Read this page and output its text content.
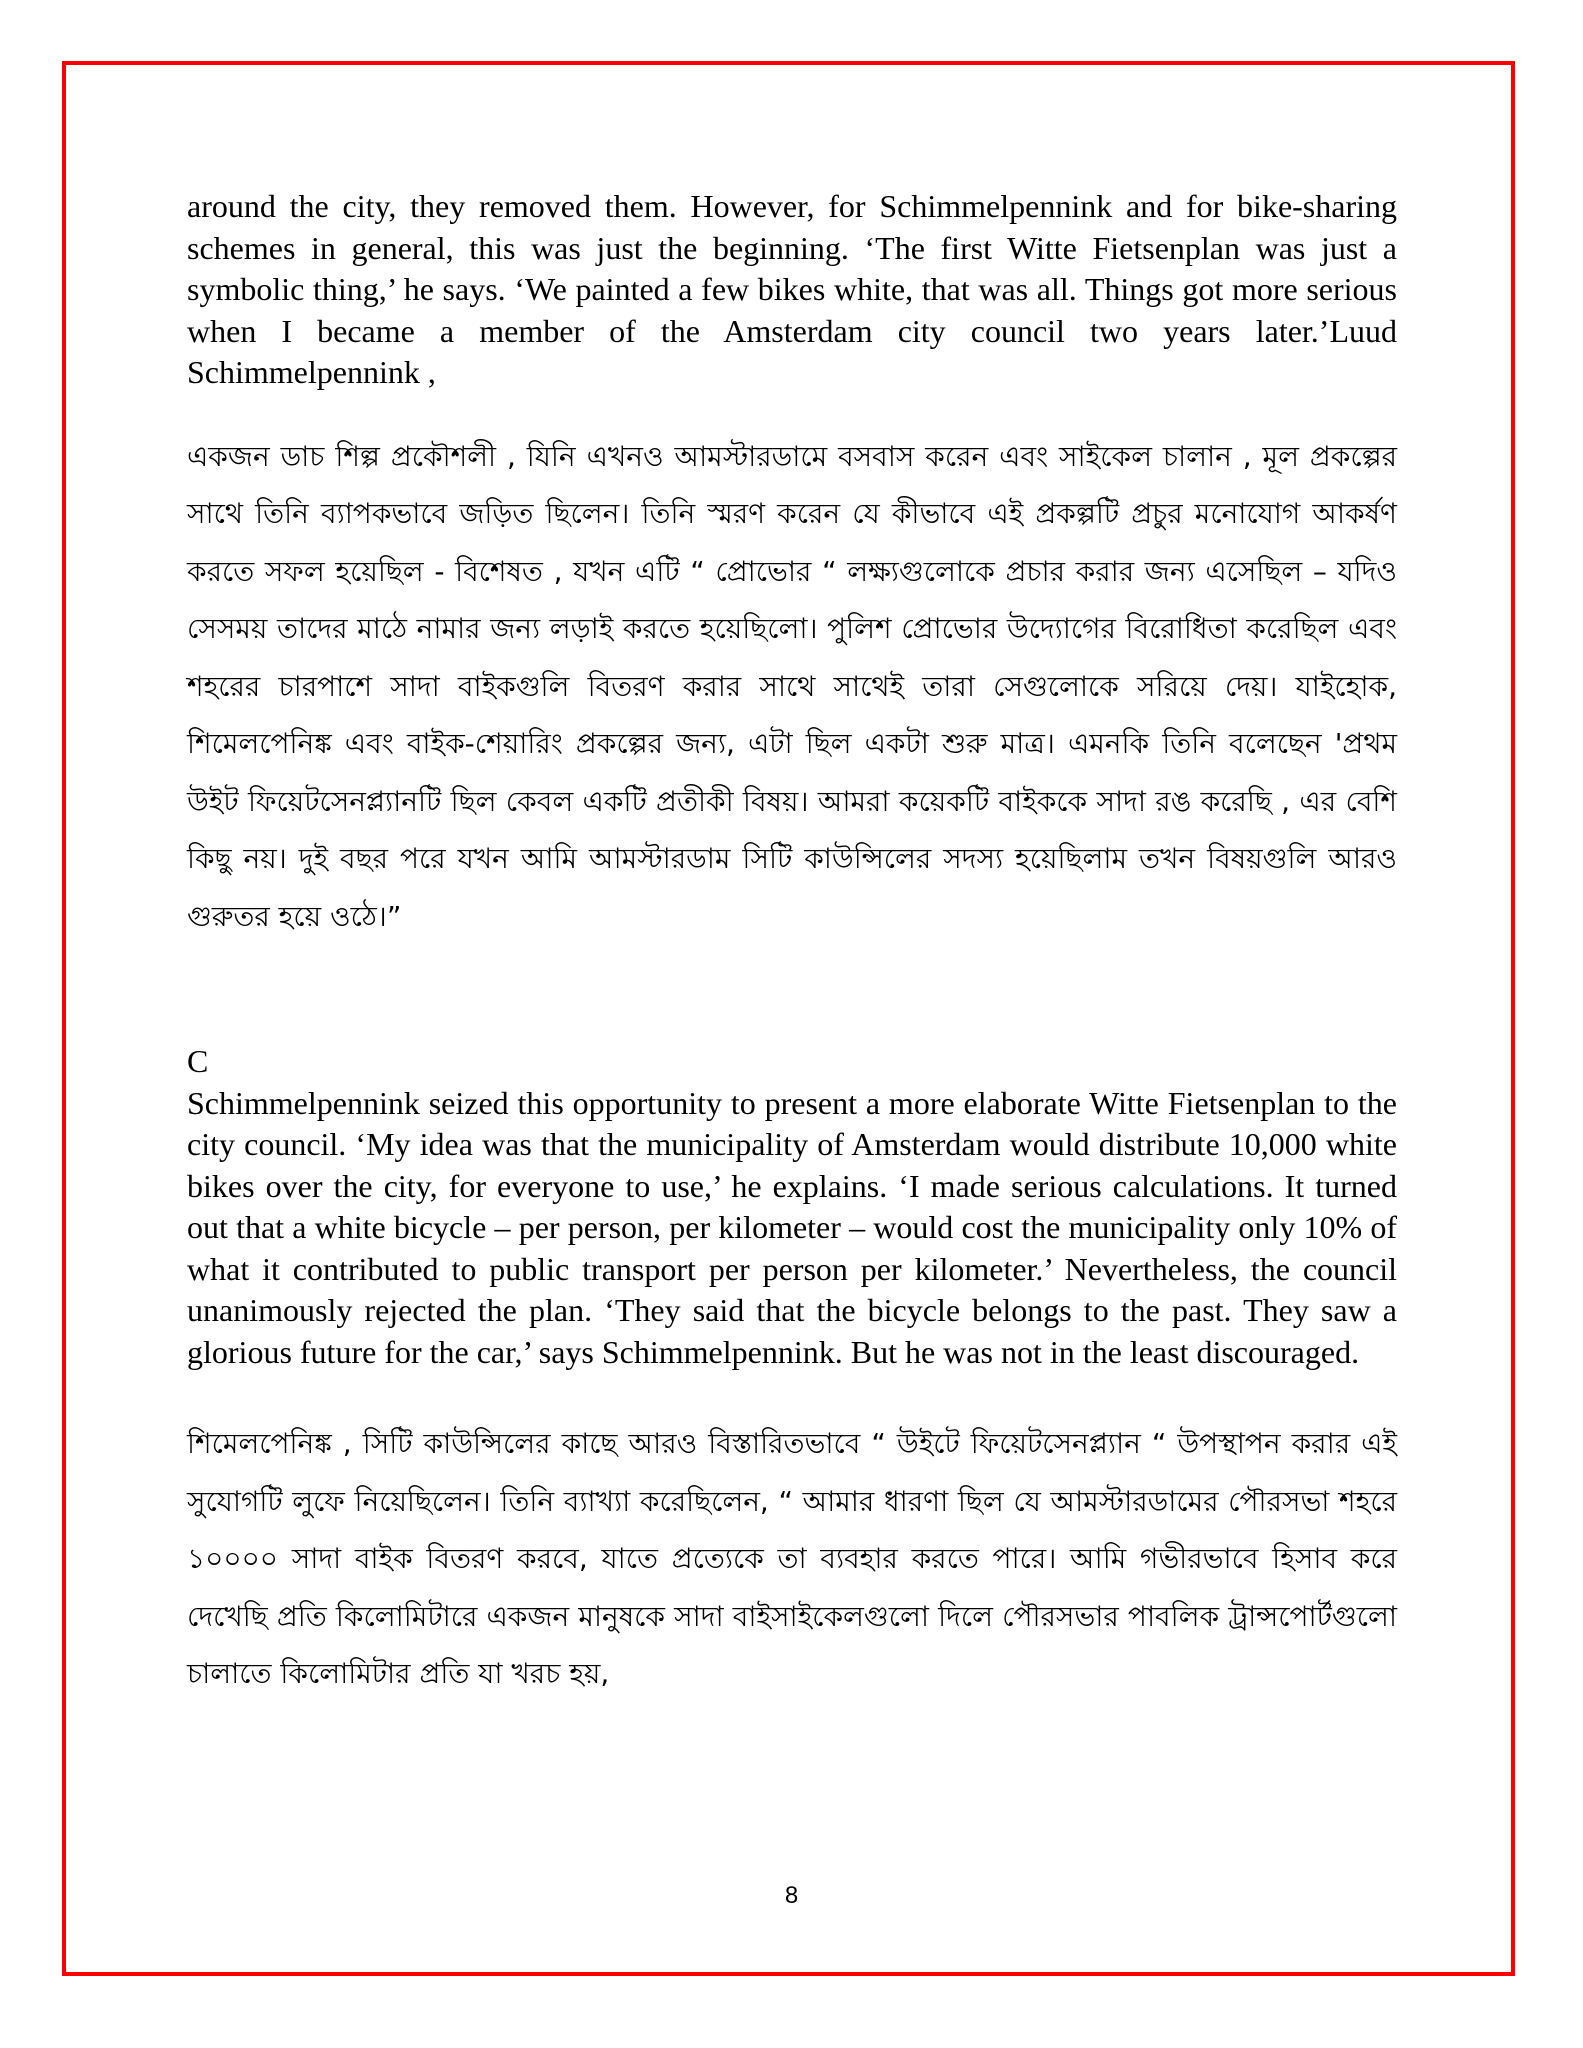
around the city, they removed them. However, for Schimmelpennink and for bike-sharing schemes in general, this was just the beginning. ‘The first Witte Fietsenplan was just a symbolic thing,’ he says. ‘We painted a few bikes white, that was all. Things got more serious when I became a member of the Amsterdam city council two years later.’Luud Schimmelpennink ,

একজন ডাচ শিল্প প্রকৌশলী , যিনি এখনও আমস্টারডামে বসবাস করেন এবং সাইকেল চালান , মূল প্রকল্পের সাথে তিনি ব্যাপকভাবে জড়িত ছিলেন। তিনি স্মরণ করেন যে কীভাবে এই প্রকল্পটি প্রচুর মনোযোগ আকর্ষণ করতে সফল হয়েছিল - বিশেষত , যখন এটি “ প্রোভোর “ লক্ষ্যগুলোকে প্রচার করার জন্য এসেছিল – যদিও সেসময় তাদের মাঠে নামার জন্য লড়াই করতে হয়েছিলো। পুলিশ প্রোভোর উদ্যোগের বিরোধিতা করেছিল এবং শহরের চারপাশে সাদা বাইকগুলি বিতরণ করার সাথে সাথেই তারা সেগুলোকে সরিয়ে দেয়। যাইহোক, শিমেলপেনিঙ্ক এবং বাইক-শেয়ারিং প্রকল্পের জন্য, এটা ছিল একটা শুরু মাত্র। এমনকি তিনি বলেছেন 'প্রথম উইট ফিয়েটসেনপ্ল্যানটি ছিল কেবল একটি প্রতীকী বিষয়। আমরা কয়েকটি বাইককে সাদা রঙ করেছি , এর বেশি কিছু নয়। দুই বছর পরে যখন আমি আমস্টারডাম সিটি কাউন্সিলের সদস্য হয়েছিলাম তখন বিষয়গুলি আরও গুরুতর হয়ে ওঠে।”

C

Schimmelpennink seized this opportunity to present a more elaborate Witte Fietsenplan to the city council. ‘My idea was that the municipality of Amsterdam would distribute 10,000 white bikes over the city, for everyone to use,’ he explains. ‘I made serious calculations. It turned out that a white bicycle – per person, per kilometer – would cost the municipality only 10% of what it contributed to public transport per person per kilometer.’ Nevertheless, the council unanimously rejected the plan. ‘They said that the bicycle belongs to the past. They saw a glorious future for the car,’ says Schimmelpennink. But he was not in the least discouraged.

শিমেলপেনিঙ্ক , সিটি কাউন্সিলের কাছে আরও বিস্তারিতভাবে “ উইটে ফিয়েটসেনপ্ল্যান “ উপস্থাপন করার এই সুযোগটি লুফে নিয়েছিলেন। তিনি ব্যাখ্যা করেছিলেন, “ আমার ধারণা ছিল যে আমস্টারডামের পৌরসভা শহরে ১০০০০ সাদা বাইক বিতরণ করবে, যাতে প্রত্যেকে তা ব্যবহার করতে পারে। আমি গভীরভাবে হিসাব করে দেখেছি প্রতি কিলোমিটারে একজন মানুষকে সাদা বাইসাইকেলগুলো দিলে পৌরসভার পাবলিক ট্রান্সপোর্টগুলো চালাতে কিলোমিটার প্রতি যা খরচ হয়,

8
